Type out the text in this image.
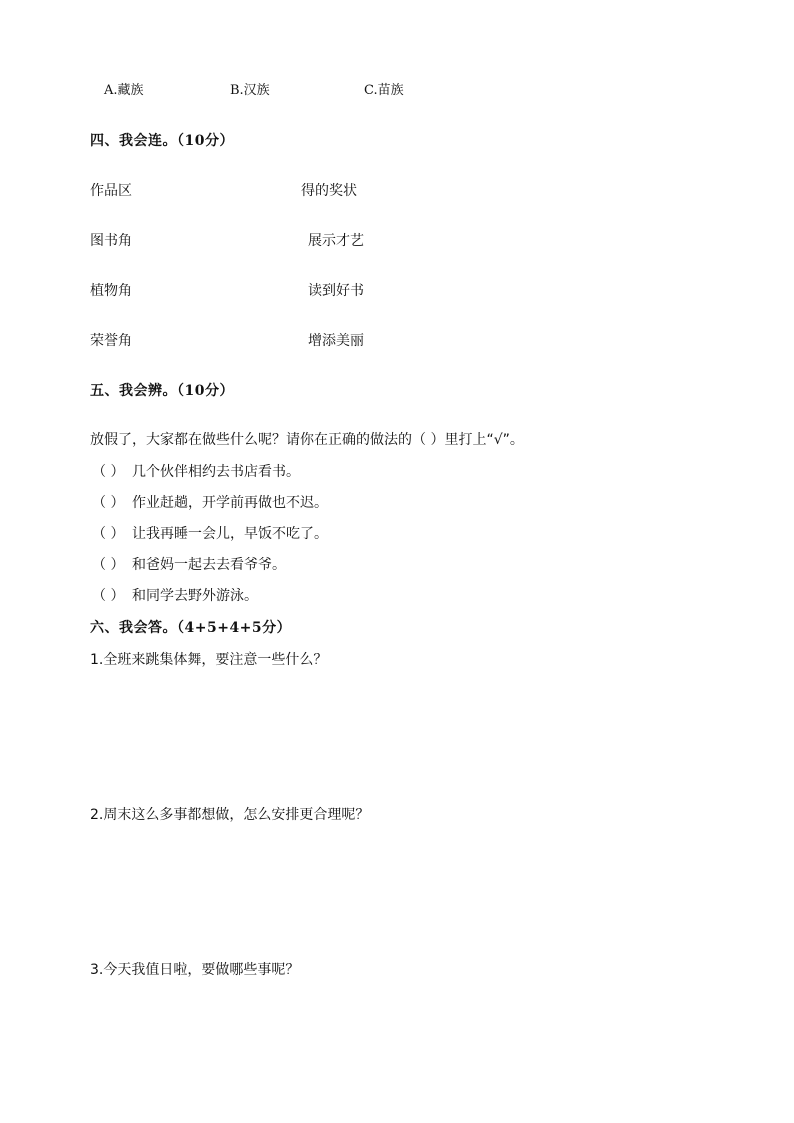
A.藏族	B.汉族	C.苗族
四、我会连。（10分）
作品区	得的奖状
图书角	展示才艺
植物角	读到好书
荣誉角	增添美丽
五、我会辨。（10分）
放假了，大家都在做些什么呢？请你在正确的做法的（ ）里打上“√”。
（ ） 几个伙伴相约去书店看书。
（ ） 作业赶趟，开学前再做也不迟。
（ ） 让我再睡一会儿，早饭不吃了。
（ ） 和爸妈一起去去看爷爷。
（ ） 和同学去野外游泳。
六、我会答。（4+5+4+5分）
1.全班来跳集体舞，要注意一些什么？
2.周末这么多事都想做，怎么安排更合理呢？
3.今天我值日啦，要做哪些事呢？
